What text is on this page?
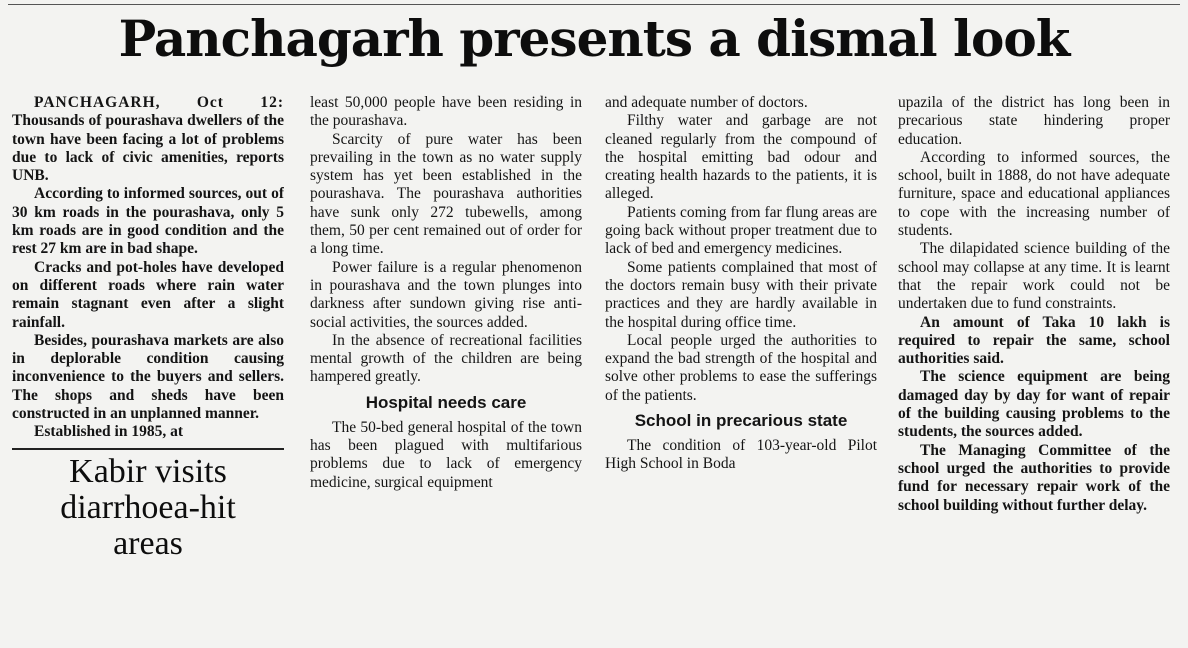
Panchagarh presents a dismal look

PANCHAGARH, Oct 12: Thousands of pourashava dwellers of the town have been facing a lot of problems due to lack of civic amenities, reports UNB.

According to informed sources, out of 30 km roads in the pourashava, only 5 km roads are in good condition and the rest 27 km are in bad shape.

Cracks and pot-holes have developed on different roads where rain water remain stagnant even after a slight rainfall.

Besides, pourashava markets are also in deplorable condition causing inconvenience to the buyers and sellers. The shops and sheds have been constructed in an unplanned manner.

Established in 1985, at

Kabir visits
diarrhoea-hit
areas

least 50,000 people have been residing in the pourashava.

Scarcity of pure water has been prevailing in the town as no water supply system has yet been established in the pourashava. The pourashava authorities have sunk only 272 tubewells, among them, 50 per cent remained out of order for a long time.

Power failure is a regular phenomenon in pourashava and the town plunges into darkness after sundown giving rise anti-social activities, the sources added.

In the absence of recreational facilities mental growth of the children are being hampered greatly.

Hospital needs care

The 50-bed general hospital of the town has been plagued with multifarious problems due to lack of emergency medicine, surgical equipment

and adequate number of doctors.

Filthy water and garbage are not cleaned regularly from the compound of the hospital emitting bad odour and creating health hazards to the patients, it is alleged.

Patients coming from far flung areas are going back without proper treatment due to lack of bed and emergency medicines.

Some patients complained that most of the doctors remain busy with their private practices and they are hardly available in the hospital during office time.

Local people urged the authorities to expand the bad strength of the hospital and solve other problems to ease the sufferings of the patients.

School in precarious state

The condition of 103-year-old Pilot High School in Boda

upazila of the district has long been in precarious state hindering proper education.

According to informed sources, the school, built in 1888, do not have adequate furniture, space and educational appliances to cope with the increasing number of students.

The dilapidated science building of the school may collapse at any time. It is learnt that the repair work could not be undertaken due to fund constraints.

An amount of Taka 10 lakh is required to repair the same, school authorities said.

The science equipment are being damaged day by day for want of repair of the building causing problems to the students, the sources added.

The Managing Committee of the school urged the authorities to provide fund for necessary repair work of the school building without further delay.
